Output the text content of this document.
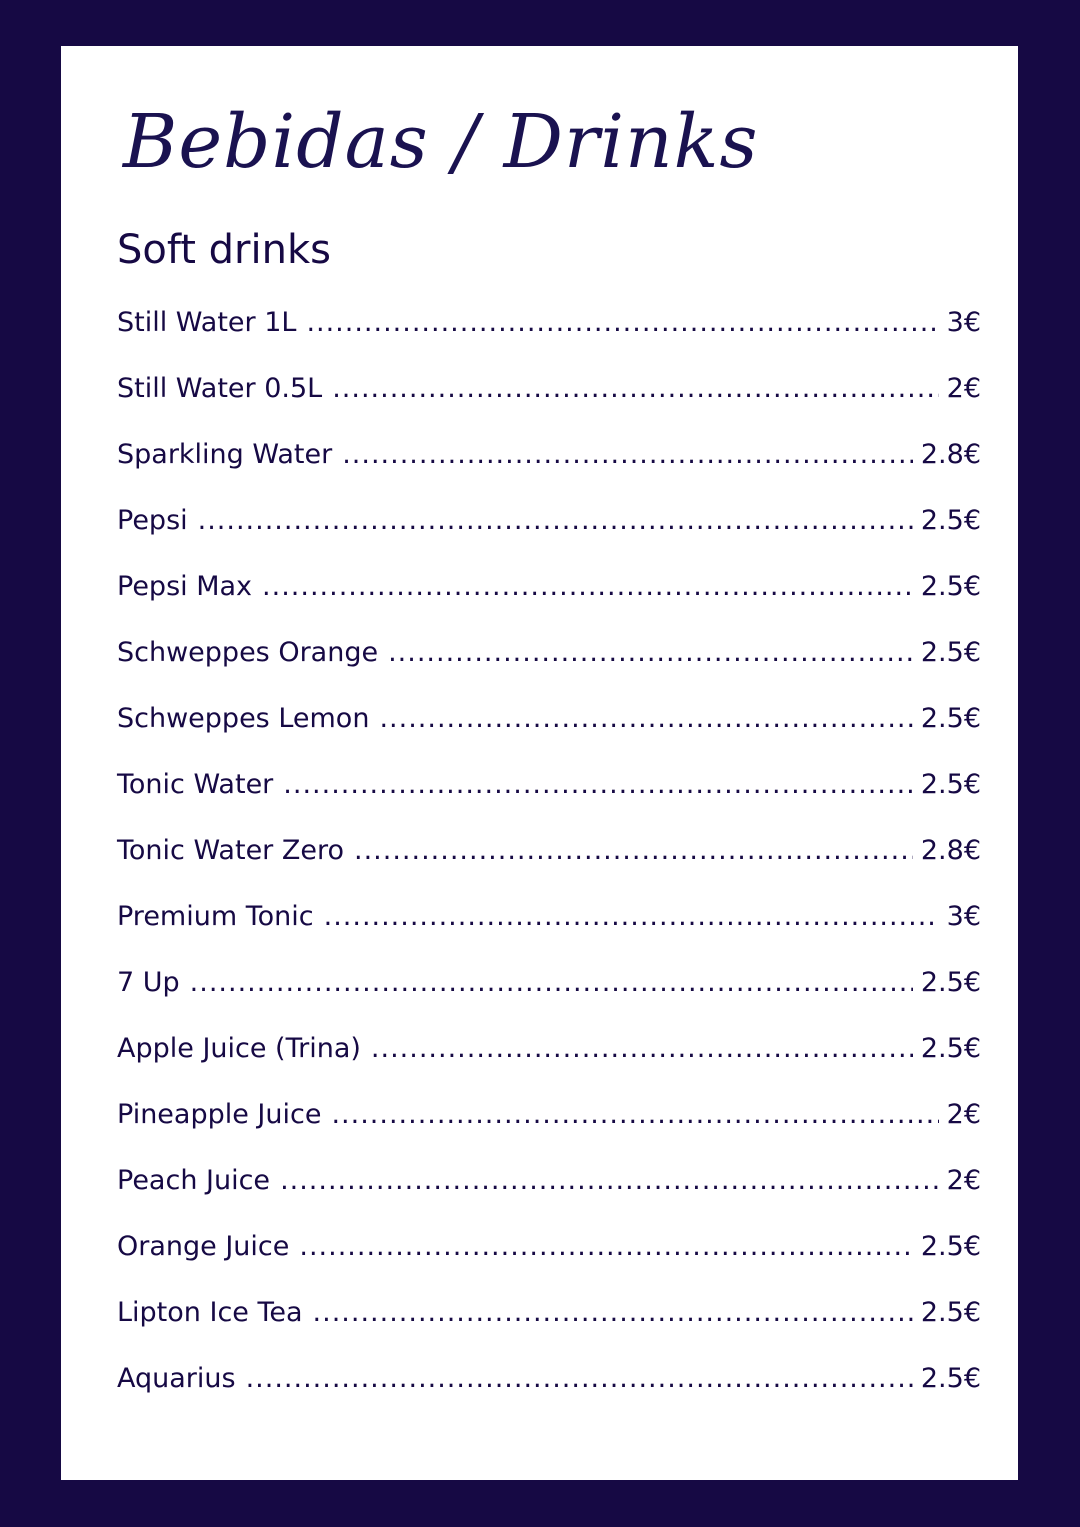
Bebidas / Drinks
Soft drinks
Still Water 1L .....	3€
Still Water 0.5L .....	2€
Sparkling Water .....	2.8€
Pepsi .....	2.5€
Pepsi Max .....	2.5€
Schweppes Orange .....	2.5€
Schweppes Lemon .....	2.5€
Tonic Water .....	2.5€
Tonic Water Zero .....	2.8€
Premium Tonic .....	3€
7 Up .....	2.5€
Apple Juice (Trina) .....	2.5€
Pineapple Juice .....	2€
Peach Juice .....	2€
Orange Juice .....	2.5€
Lipton Ice Tea .....	2.5€
Aquarius .....	2.5€
